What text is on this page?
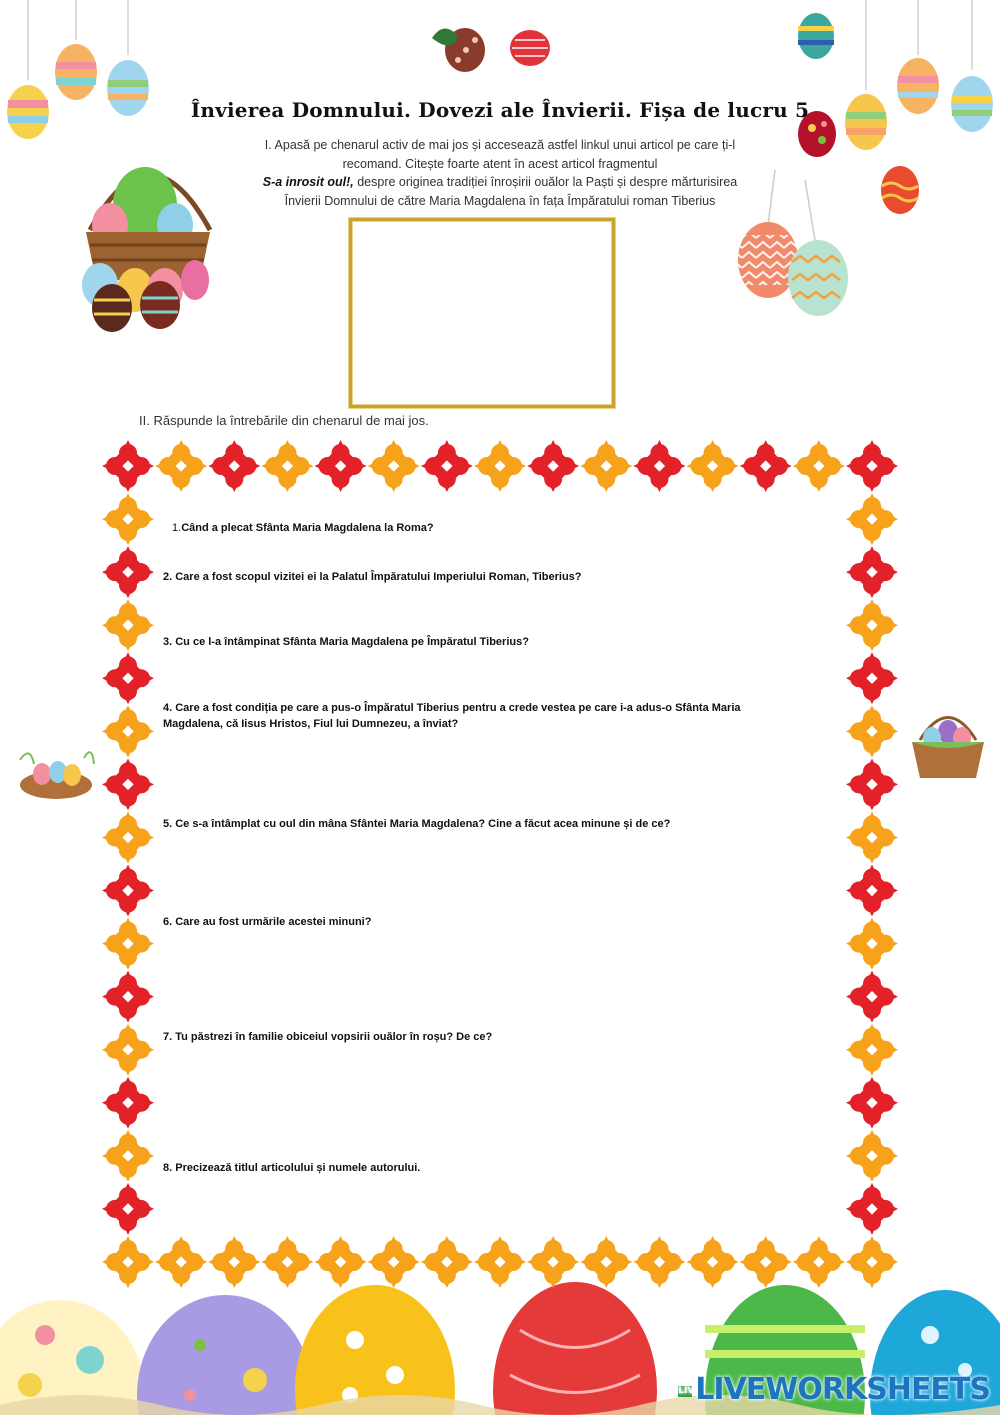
Învierea Domnului. Dovezi ale Învierii. Fișa de lucru 5
I. Apasă pe chenarul activ de mai jos și accesează astfel linkul unui articol pe care ți-l
recomand. Citește foarte atent în acest articol fragmentul
S-a inrosit oul!, despre originea tradiției înroșirii ouălor la Paști și despre mărturisirea
Învierii Domnului de către Maria Magdalena în fața Împăratului roman Tiberius
II. Răspunde la întrebările din chenarul de mai jos.
1.Când a plecat Sfânta Maria Magdalena la Roma?
2. Care a fost scopul vizitei ei la Palatul Împăratului Imperiului Roman, Tiberius?
3. Cu ce l-a întâmpinat Sfânta Maria Magdalena pe Împăratul Tiberius?
4. Care a fost condiția pe care a pus-o Împăratul Tiberius pentru a crede vestea pe care i-a adus-o Sfânta Maria Magdalena, că Iisus Hristos, Fiul lui Dumnezeu, a înviat?
5. Ce s-a întâmplat cu oul din mâna Sfântei Maria Magdalena? Cine a făcut acea minune și de ce?
6. Care au fost urmările acestei minuni?
7. Tu păstrezi în familie obiceiul vopsirii ouălor în roșu? De ce?
8. Precizează titlul articolului și numele autorului.
LIVELIVEWORKSHEETS
